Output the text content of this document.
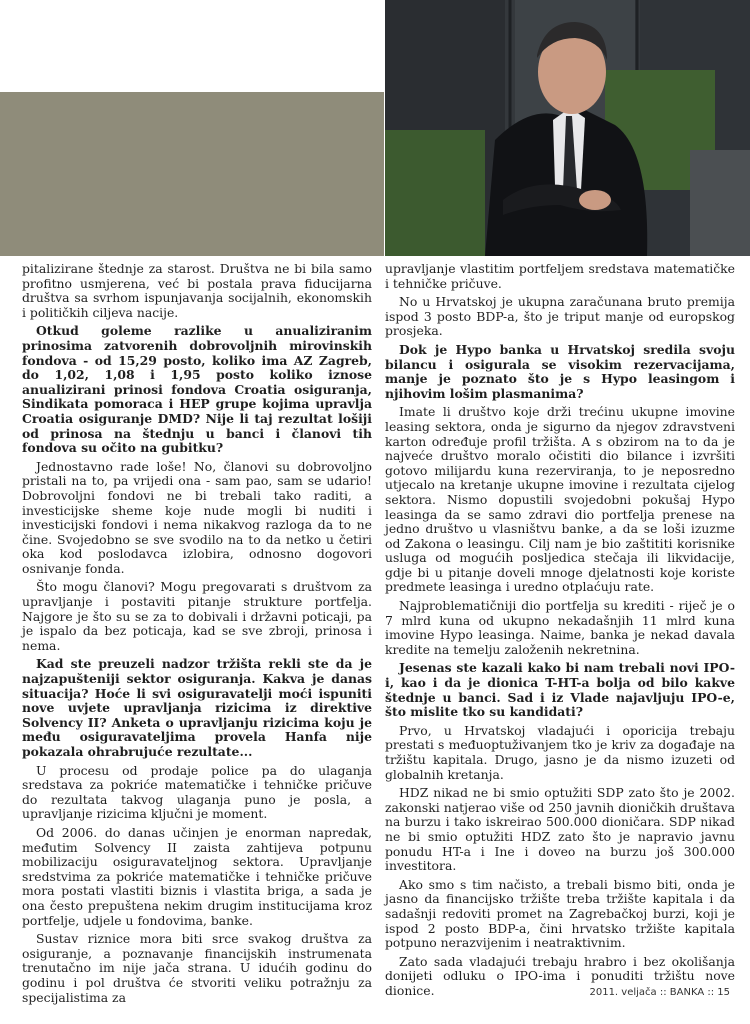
pitalizirane štednje za starost. Društva ne bi bila samo profitno usmjerena, već bi postala prava fiducijarna društva sa svrhom ispunjavanja socijalnih, ekonomskih i političkih ciljeva nacije.

Otkud goleme razlike u anualiziranim prinosima zatvorenih dobrovoljnih mirovinskih fondova - od 15,29 posto, koliko ima AZ Zagreb, do 1,02, 1,08 i 1,95 posto koliko iznose anualizirani prinosi fondova Croatia osiguranja, Sindikata pomoraca i HEP grupe kojima upravlja Croatia osiguranje DMD? Nije li taj rezultat lošiji od prinosa na štednju u banci i članovi tih fondova su očito na gubitku?

Jednostavno rade loše! No, članovi su dobrovoljno pristali na to, pa vrijedi ona - sam pao, sam se udario! Dobrovoljni fondovi ne bi trebali tako raditi, a investicijske sheme koje nude mogli bi nuditi i investicijski fondovi i nema nikakvog razloga da to ne čine. Svojedobno se sve svodilo na to da netko u četiri oka kod poslodavca izlobira, odnosno dogovori osnivanje fonda.

Što mogu članovi? Mogu pregovarati s društvom za upravljanje i postaviti pitanje strukture portfelja. Najgore je što su se za to dobivali i državni poticaji, pa je ispalo da bez poticaja, kad se sve zbroji, prinosa i nema.

Kad ste preuzeli nadzor tržišta rekli ste da je najzapušteniji sektor osiguranja. Kakva je danas situacija? Hoće li svi osiguravatelji moći ispuniti nove uvjete upravljanja rizicima iz direktive Solvency II? Anketa o upravljanju rizicima koju je među osiguravateljima provela Hanfa nije pokazala ohrabrujuće rezultate...

U procesu od prodaje police pa do ulaganja sredstava za pokriće matematičke i tehničke pričuve do rezultata takvog ulaganja puno je posla, a upravljanje rizicima ključni je moment.

Od 2006. do danas učinjen je enorman napredak, međutim Solvency II zaista zahtijeva potpunu mobilizaciju osiguravateljnog sektora. Upravljanje sredstvima za pokriće matematičke i tehničke pričuve mora postati vlastiti biznis i vlastita briga, a sada je ona često prepuštena nekim drugim institucijama kroz portfelje, udjele u fondovima, banke.

Sustav riznice mora biti srce svakog društva za osiguranje, a poznavanje financijskih instrumenata trenutačno im nije jača strana. U idućih godinu do godinu i pol društva će stvoriti veliku potražnju za specijalistima za

upravljanje vlastitim portfeljem sredstava matematičke i tehničke pričuve.

No u Hrvatskoj je ukupna zaračunana bruto premija ispod 3 posto BDP-a, što je triput manje od europskog prosjeka.

Dok je Hypo banka u Hrvatskoj sredila svoju bilancu i osigurala se visokim rezervacijama, manje je poznato što je s Hypo leasingom i njihovim lošim plasmanima?

Imate li društvo koje drži trećinu ukupne imovine leasing sektora, onda je sigurno da njegov zdravstveni karton određuje profil tržišta. A s obzirom na to da je najveće društvo moralo očistiti dio bilance i izvršiti gotovo milijardu kuna rezerviranja, to je neposredno utjecalo na kretanje ukupne imovine i rezultata cijelog sektora. Nismo dopustili svojedobni pokušaj Hypo leasinga da se samo zdravi dio portfelja prenese na jedno društvo u vlasništvu banke, a da se loši izuzme od Zakona o leasingu. Cilj nam je bio zaštititi korisnike usluga od mogućih posljedica stečaja ili likvidacije, gdje bi u pitanje doveli mnoge djelatnosti koje koriste predmete leasinga i uredno otplaćuju rate.

Najproblematičniji dio portfelja su krediti - riječ je o 7 mlrd kuna od ukupno nekadašnjih 11 mlrd kuna imovine Hypo leasinga. Naime, banka je nekad davala kredite na temelju založenih nekretnina.

Jesenas ste kazali kako bi nam trebali novi IPO-i, kao i da je dionica T-HT-a bolja od bilo kakve štednje u banci. Sad i iz Vlade najavljuju IPO-e, što mislite tko su kandidati?

Prvo, u Hrvatskoj vladajući i oporicija trebaju prestati s međuoptuživanjem tko je kriv za događaje na tržištu kapitala. Drugo, jasno je da nismo izuzeti od globalnih kretanja.

HDZ nikad ne bi smio optužiti SDP zato što je 2002. zakonski natjerao više od 250 javnih dioničkih društava na burzu i tako iskreirao 500.000 dioničara. SDP nikad ne bi smio optužiti HDZ zato što je napravio javnu ponudu HT-a i Ine i doveo na burzu još 300.000 investitora.

Ako smo s tim načisto, a trebali bismo biti, onda je jasno da financijsko tržište treba tržište kapitala i da sadašnji redoviti promet na Zagrebačkoj burzi, koji je ispod 2 posto BDP-a, čini hrvatsko tržište kapitala potpuno nerazvijenim i neatraktivnim.

Zato sada vladajući trebaju hrabro i bez okolišanja donijeti odluku o IPO-ima i ponuditi tržištu nove dionice.	2011. veljača :: BANKA :: 15
